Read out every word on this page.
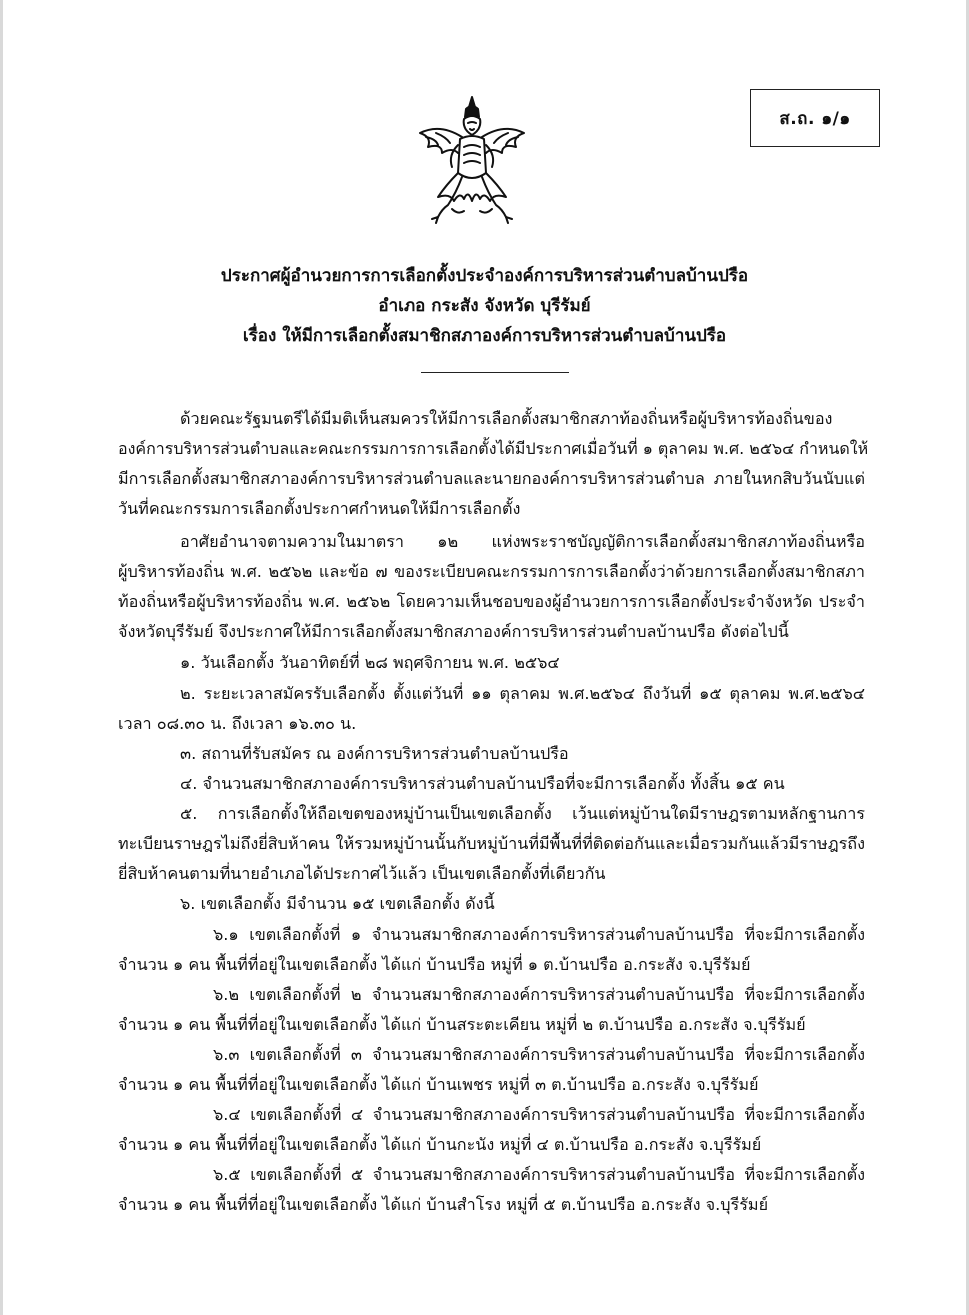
ส.ถ. ๑/๑
ประกาศผู้อำนวยการการเลือกตั้งประจำองค์การบริหารส่วนตำบลบ้านปรือ
อำเภอ กระสัง จังหวัด บุรีรัมย์
เรื่อง ให้มีการเลือกตั้งสมาชิกสภาองค์การบริหารส่วนตำบลบ้านปรือ
ด้วยคณะรัฐมนตรีได้มีมติเห็นสมควรให้มีการเลือกตั้งสมาชิกสภาท้องถิ่นหรือผู้บริหารท้องถิ่นของ
องค์การบริหารส่วนตำบลและคณะกรรมการการเลือกตั้งได้มีประกาศเมื่อวันที่ ๑ ตุลาคม พ.ศ. ๒๕๖๔ กำหนดให้
มีการเลือกตั้งสมาชิกสภาองค์การบริหารส่วนตำบลและนายกองค์การบริหารส่วนตำบล ภายในหกสิบวันนับแต่
วันที่คณะกรรมการเลือกตั้งประกาศกำหนดให้มีการเลือกตั้ง
อาศัยอำนาจตามความในมาตรา ๑๒ แห่งพระราชบัญญัติการเลือกตั้งสมาชิกสภาท้องถิ่นหรือ
ผู้บริหารท้องถิ่น พ.ศ. ๒๕๖๒ และข้อ ๗ ของระเบียบคณะกรรมการการเลือกตั้งว่าด้วยการเลือกตั้งสมาชิกสภา
ท้องถิ่นหรือผู้บริหารท้องถิ่น พ.ศ. ๒๕๖๒ โดยความเห็นชอบของผู้อำนวยการการเลือกตั้งประจำจังหวัด ประจำ
จังหวัดบุรีรัมย์ จึงประกาศให้มีการเลือกตั้งสมาชิกสภาองค์การบริหารส่วนตำบลบ้านปรือ ดังต่อไปนี้
๑. วันเลือกตั้ง วันอาทิตย์ที่ ๒๘ พฤศจิกายน พ.ศ. ๒๕๖๔
๒. ระยะเวลาสมัครรับเลือกตั้ง ตั้งแต่วันที่ ๑๑ ตุลาคม พ.ศ.๒๕๖๔ ถึงวันที่ ๑๕ ตุลาคม พ.ศ.๒๕๖๔
เวลา ๐๘.๓๐ น. ถึงเวลา ๑๖.๓๐ น.
๓. สถานที่รับสมัคร ณ องค์การบริหารส่วนตำบลบ้านปรือ
๔. จำนวนสมาชิกสภาองค์การบริหารส่วนตำบลบ้านปรือที่จะมีการเลือกตั้ง ทั้งสิ้น ๑๕ คน
๕. การเลือกตั้งให้ถือเขตของหมู่บ้านเป็นเขตเลือกตั้ง เว้นแต่หมู่บ้านใดมีราษฎรตามหลักฐานการ
ทะเบียนราษฎรไม่ถึงยี่สิบห้าคน ให้รวมหมู่บ้านนั้นกับหมู่บ้านที่มีพื้นที่ที่ติดต่อกันและเมื่อรวมกันแล้วมีราษฎรถึง
ยี่สิบห้าคนตามที่นายอำเภอได้ประกาศไว้แล้ว เป็นเขตเลือกตั้งที่เดียวกัน
๖. เขตเลือกตั้ง มีจำนวน ๑๕ เขตเลือกตั้ง ดังนี้
๖.๑ เขตเลือกตั้งที่ ๑ จำนวนสมาชิกสภาองค์การบริหารส่วนตำบลบ้านปรือ ที่จะมีการเลือกตั้ง
จำนวน ๑ คน พื้นที่ที่อยู่ในเขตเลือกตั้ง ได้แก่ บ้านปรือ หมู่ที่ ๑ ต.บ้านปรือ อ.กระสัง จ.บุรีรัมย์
๖.๒ เขตเลือกตั้งที่ ๒ จำนวนสมาชิกสภาองค์การบริหารส่วนตำบลบ้านปรือ ที่จะมีการเลือกตั้ง
จำนวน ๑ คน พื้นที่ที่อยู่ในเขตเลือกตั้ง ได้แก่ บ้านสระตะเคียน หมู่ที่ ๒ ต.บ้านปรือ อ.กระสัง จ.บุรีรัมย์
๖.๓ เขตเลือกตั้งที่ ๓ จำนวนสมาชิกสภาองค์การบริหารส่วนตำบลบ้านปรือ ที่จะมีการเลือกตั้ง
จำนวน ๑ คน พื้นที่ที่อยู่ในเขตเลือกตั้ง ได้แก่ บ้านเพชร หมู่ที่ ๓ ต.บ้านปรือ อ.กระสัง จ.บุรีรัมย์
๖.๔ เขตเลือกตั้งที่ ๔ จำนวนสมาชิกสภาองค์การบริหารส่วนตำบลบ้านปรือ ที่จะมีการเลือกตั้ง
จำนวน ๑ คน พื้นที่ที่อยู่ในเขตเลือกตั้ง ได้แก่ บ้านกะนัง หมู่ที่ ๔ ต.บ้านปรือ อ.กระสัง จ.บุรีรัมย์
๖.๕ เขตเลือกตั้งที่ ๕ จำนวนสมาชิกสภาองค์การบริหารส่วนตำบลบ้านปรือ ที่จะมีการเลือกตั้ง
จำนวน ๑ คน พื้นที่ที่อยู่ในเขตเลือกตั้ง ได้แก่ บ้านสำโรง หมู่ที่ ๕ ต.บ้านปรือ อ.กระสัง จ.บุรีรัมย์
